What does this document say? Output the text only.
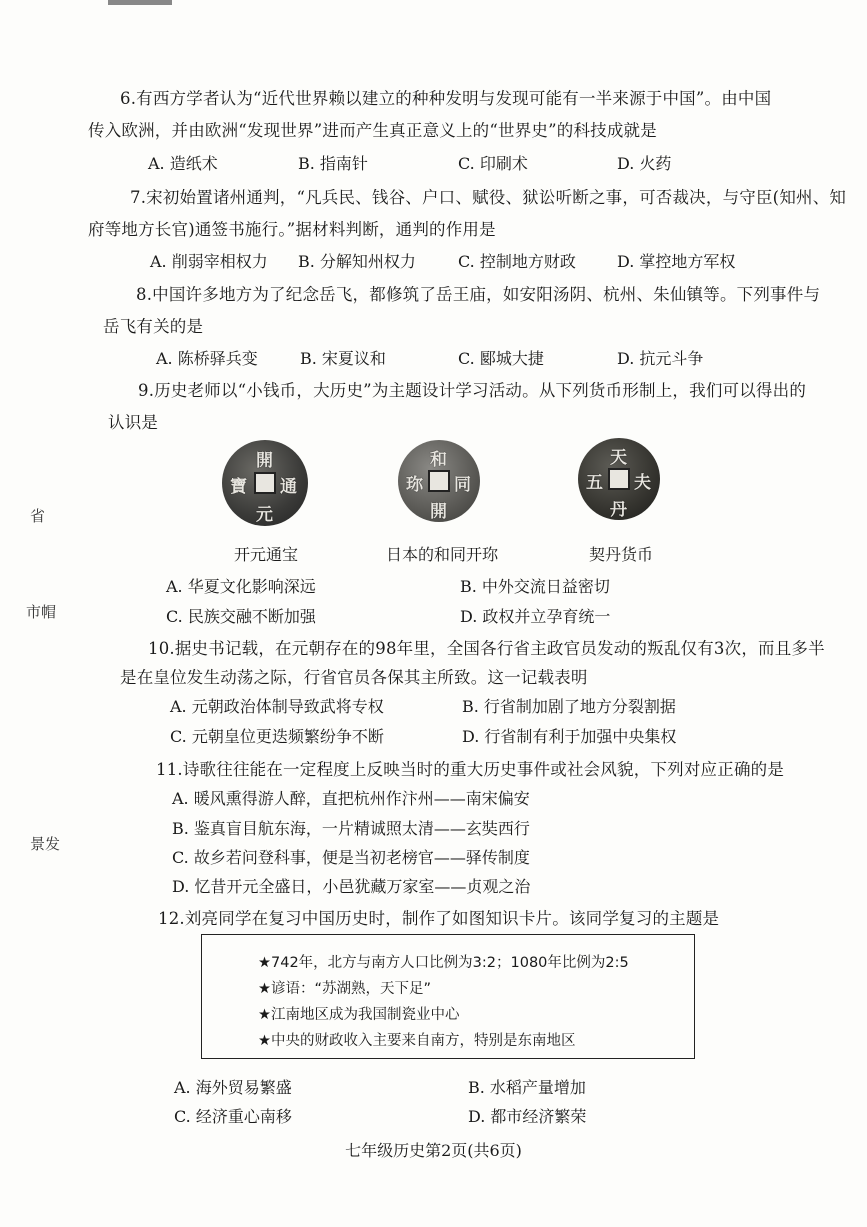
6.有西方学者认为“近代世界赖以建立的种种发明与发现可能有一半来源于中国”。由中国
传入欧洲，并由欧洲“发现世界”进而产生真正意义上的“世界史”的科技成就是
A. 造纸术	B. 指南针	C. 印刷术	D. 火药
7.宋初始置诸州通判，“凡兵民、钱谷、户口、赋役、狱讼听断之事，可否裁决，与守臣(知州、知
府等地方长官)通签书施行。”据材料判断，通判的作用是
A. 削弱宰相权力 B. 分解知州权力	C. 控制地方财政	D. 掌控地方军权
8.中国许多地方为了纪念岳飞，都修筑了岳王庙，如安阳汤阴、杭州、朱仙镇等。下列事件与
岳飞有关的是
A. 陈桥驿兵变	B. 宋夏议和	C. 郾城大捷	D. 抗元斗争
9.历史老师以“小钱币，大历史”为主题设计学习活动。从下列货币形制上，我们可以得出的
认识是
開
通
元
寶
和
同
開
珎
天
夫
丹
五
开元通宝	日本的和同开珎	契丹货币
A. 华夏文化影响深远	B. 中外交流日益密切
C. 民族交融不断加强	D. 政权并立孕育统一
10.据史书记载，在元朝存在的98年里，全国各行省主政官员发动的叛乱仅有3次，而且多半
是在皇位发生动荡之际，行省官员各保其主所致。这一记载表明
A. 元朝政治体制导致武将专权	B. 行省制加剧了地方分裂割据
C. 元朝皇位更迭频繁纷争不断	D. 行省制有利于加强中央集权
11.诗歌往往能在一定程度上反映当时的重大历史事件或社会风貌，下列对应正确的是
A. 暖风熏得游人醉，直把杭州作汴州——南宋偏安
B. 鉴真盲目航东海，一片精诚照太清——玄奘西行
C. 故乡若问登科事，便是当初老榜官——驿传制度
D. 忆昔开元全盛日，小邑犹藏万家室——贞观之治
12.刘亮同学在复习中国历史时，制作了如图知识卡片。该同学复习的主题是
★742年，北方与南方人口比例为3:2；1080年比例为2:5
★谚语：“苏湖熟，天下足”
★江南地区成为我国制瓷业中心
★中央的财政收入主要来自南方，特别是东南地区
A. 海外贸易繁盛	B. 水稻产量增加
C. 经济重心南移	D. 都市经济繁荣
省
市帽
景发
七年级历史第2页(共6页)
